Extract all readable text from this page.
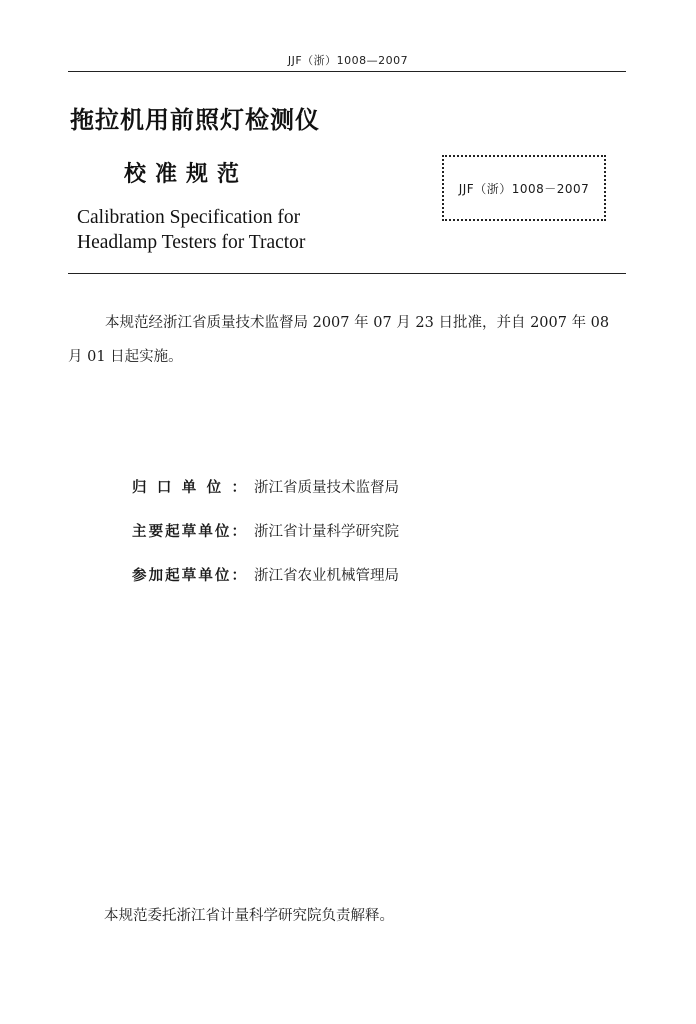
JJF（浙）1008—2007
拖拉机用前照灯检测仪
校准规范
JJF（浙）1008－2007
Calibration Specification for
Headlamp Testers for Tractor
本规范经浙江省质量技术监督局 2007 年 07 月 23 日批准，并自 2007 年 08 月 01 日起实施。
归口单位： 浙江省质量技术监督局
主要起草单位： 浙江省计量科学研究院
参加起草单位： 浙江省农业机械管理局
本规范委托浙江省计量科学研究院负责解释。
